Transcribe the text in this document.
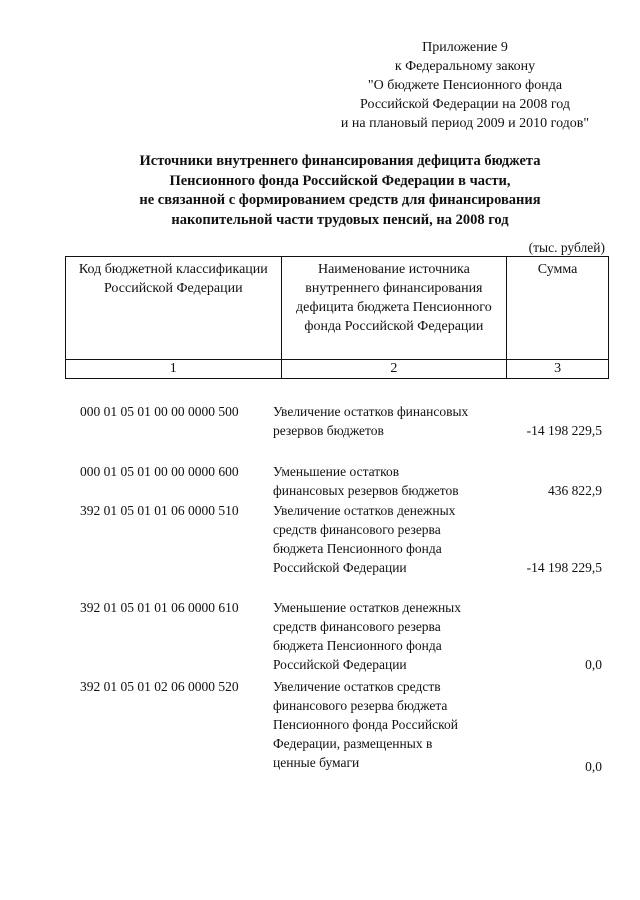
Приложение 9
к Федеральному закону
"О бюджете Пенсионного фонда
Российской Федерации на 2008 год
и на плановый период 2009 и 2010 годов"
Источники внутреннего финансирования дефицита бюджета
Пенсионного фонда Российской Федерации в части,
не связанной с формированием средств для финансирования
накопительной части трудовых пенсий, на 2008 год
(тыс. рублей)
Код бюджетной классификации Российской Федерации	Наименование источника внутреннего финансирования дефицита бюджета Пенсионного фонда Российской Федерации	Сумма
1	2	3
000 01 05 01 00 00 0000 500	Увеличение остатков финансовых
резервов бюджетов	-14 198 229,5
000 01 05 01 00 00 0000 600	Уменьшение остатков
финансовых резервов бюджетов	436 822,9
392 01 05 01 01 06 0000 510	Увеличение остатков денежных
средств финансового резерва
бюджета Пенсионного фонда
Российской Федерации	-14 198 229,5
392 01 05 01 01 06 0000 610	Уменьшение остатков денежных
средств финансового резерва
бюджета Пенсионного фонда
Российской Федерации	0,0
392 01 05 01 02 06 0000 520	Увеличение остатков средств
финансового резерва бюджета
Пенсионного фонда Российской
Федерации, размещенных в
ценные бумаги	0,0
